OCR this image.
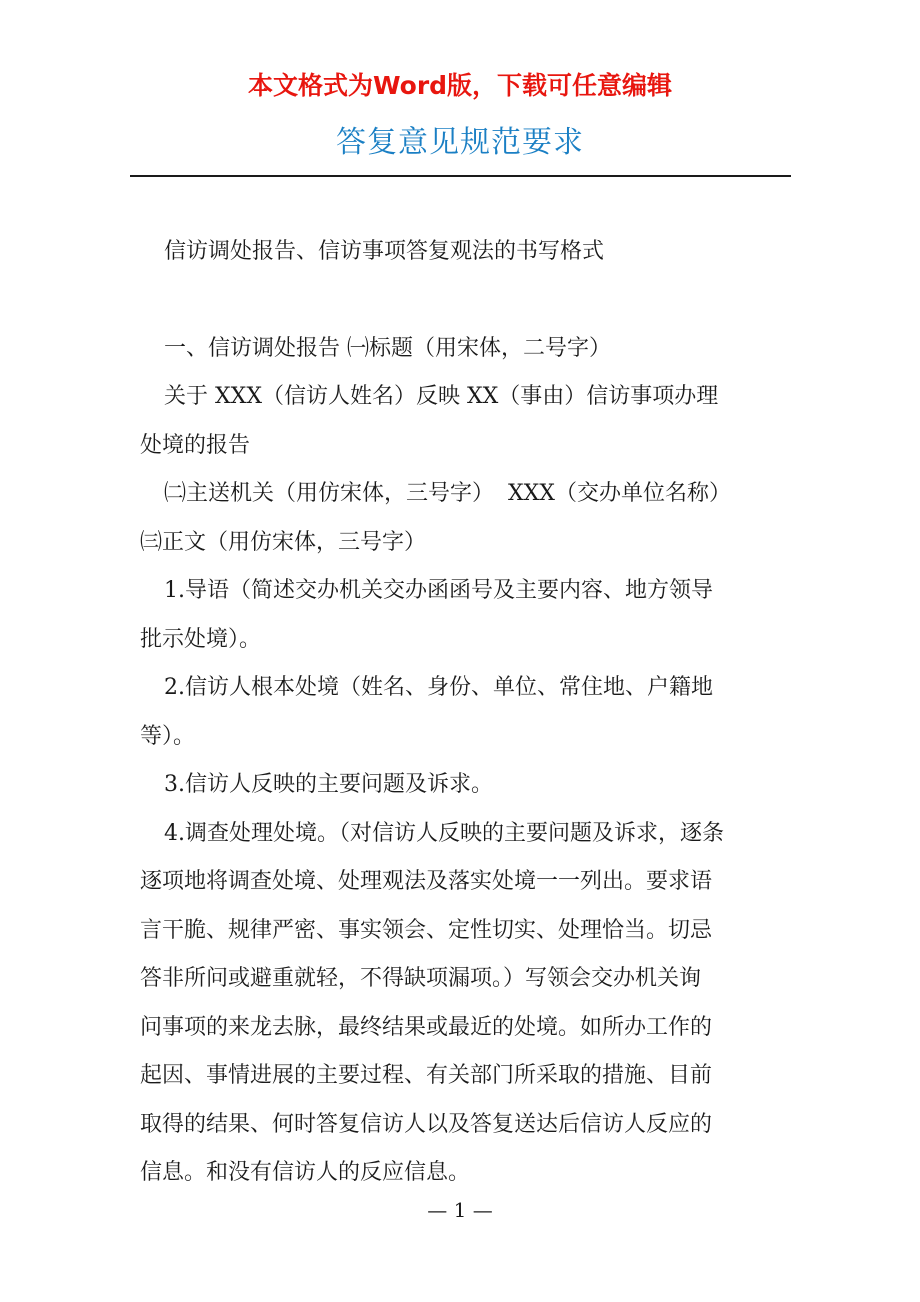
本文格式为Word版，下载可任意编辑
答复意见规范要求
信访调处报告、信访事项答复观法的书写格式
一、信访调处报告 ㈠标题（用宋体，二号字）
关于 XXX（信访人姓名）反映 XX（事由）信访事项办理
处境的报告
㈡主送机关（用仿宋体，三号字）  XXX（交办单位名称）
㈢正文（用仿宋体，三号字）
1.导语（简述交办机关交办函函号及主要内容、地方领导
批示处境）。
2.信访人根本处境（姓名、身份、单位、常住地、户籍地
等）。
3.信访人反映的主要问题及诉求。
4.调查处理处境。（对信访人反映的主要问题及诉求，逐条
逐项地将调查处境、处理观法及落实处境一一列出。要求语
言干脆、规律严密、事实领会、定性切实、处理恰当。切忌
答非所问或避重就轻，不得缺项漏项。）写领会交办机关询
问事项的来龙去脉，最终结果或最近的处境。如所办工作的
起因、事情进展的主要过程、有关部门所采取的措施、目前
取得的结果、何时答复信访人以及答复送达后信访人反应的
信息。和没有信访人的反应信息。
— 1 —
